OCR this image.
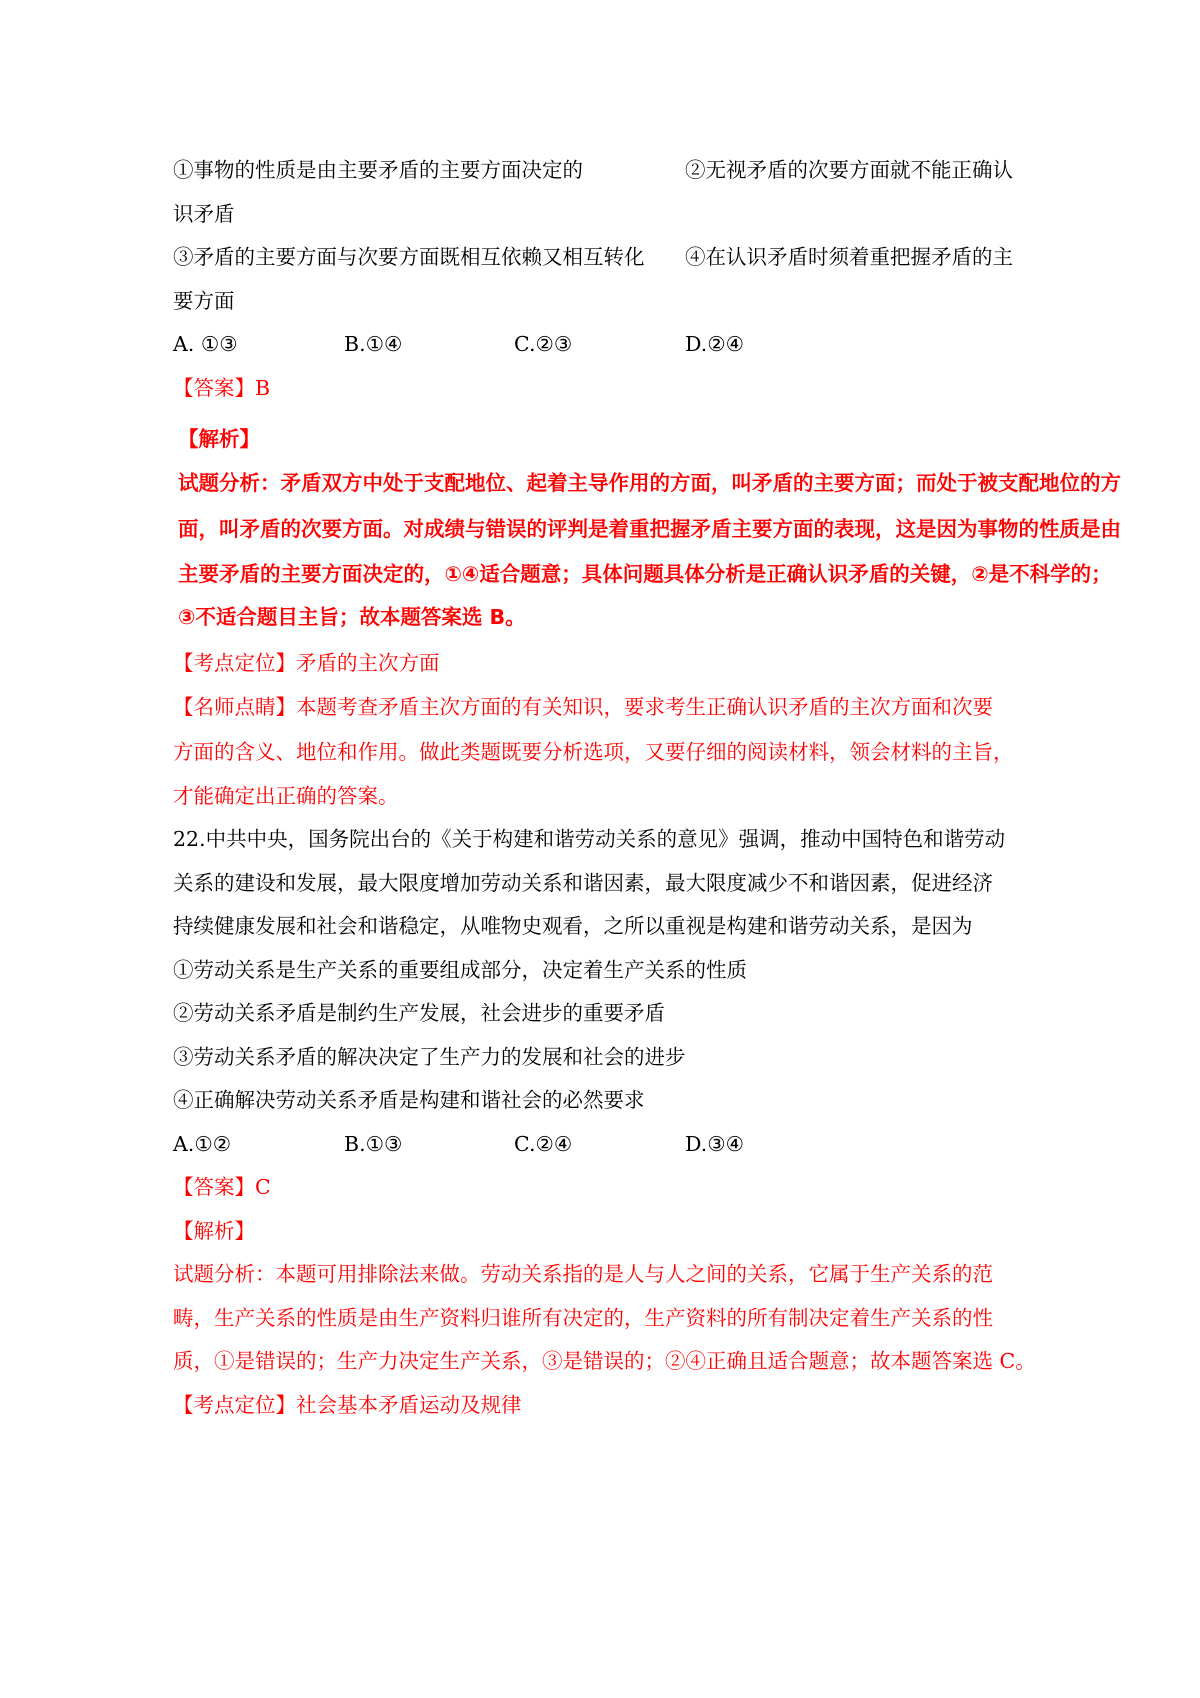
①事物的性质是由主要矛盾的主要方面决定的	②无视矛盾的次要方面就不能正确认
识矛盾
③矛盾的主要方面与次要方面既相互依赖又相互转化 ④在认识矛盾时须着重把握矛盾的主
要方面
A. ①③	B.①④	C.②③	D.②④
【答案】B
【解析】
试题分析：矛盾双方中处于支配地位、起着主导作用的方面，叫矛盾的主要方面；而处于被支配地位的方
面，叫矛盾的次要方面。对成绩与错误的评判是着重把握矛盾主要方面的表现，这是因为事物的性质是由
主要矛盾的主要方面决定的，①④适合题意；具体问题具体分析是正确认识矛盾的关键，②是不科学的；
③不适合题目主旨；故本题答案选 B。
【考点定位】矛盾的主次方面
【名师点睛】本题考查矛盾主次方面的有关知识，要求考生正确认识矛盾的主次方面和次要
方面的含义、地位和作用。做此类题既要分析选项，又要仔细的阅读材料，领会材料的主旨，
才能确定出正确的答案。
22.中共中央，国务院出台的《关于构建和谐劳动关系的意见》强调，推动中国特色和谐劳动
关系的建设和发展，最大限度增加劳动关系和谐因素，最大限度减少不和谐因素，促进经济
持续健康发展和社会和谐稳定，从唯物史观看，之所以重视是构建和谐劳动关系，是因为
①劳动关系是生产关系的重要组成部分，决定着生产关系的性质
②劳动关系矛盾是制约生产发展，社会进步的重要矛盾
③劳动关系矛盾的解决决定了生产力的发展和社会的进步
④正确解决劳动关系矛盾是构建和谐社会的必然要求
A.①②	B.①③	C.②④	D.③④
【答案】C
【解析】
试题分析：本题可用排除法来做。劳动关系指的是人与人之间的关系，它属于生产关系的范
畴，生产关系的性质是由生产资料归谁所有决定的，生产资料的所有制决定着生产关系的性
质，①是错误的；生产力决定生产关系，③是错误的；②④正确且适合题意；故本题答案选 C。
【考点定位】社会基本矛盾运动及规律
